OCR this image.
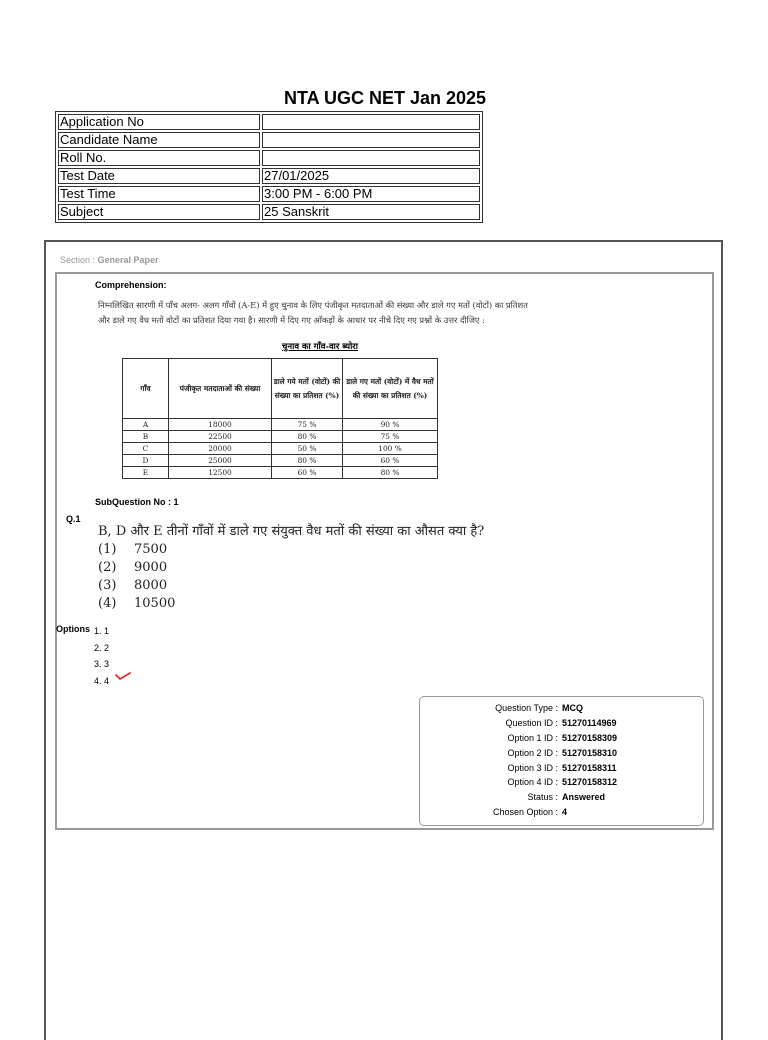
NTA UGC NET Jan 2025
Application No	
Candidate Name	
Roll No.	
Test Date	27/01/2025
Test Time	3:00 PM - 6:00 PM
Subject	25 Sanskrit
Section : General Paper
Comprehension:
निम्नलिखित सारणी में पाँच अलग- अलग गाँवों (A-E) में हुए चुनाव के लिए पंजीकृत मतदाताओं की संख्या और डाले गए मतों (वोटों) का प्रतिशत और डाले गए वैध मतों वोटों का प्रतिशत दिया गया है। सारणी में दिए गए आँकड़ों के आधार पर नीचे दिए गए प्रश्नों के उत्तर दीजिए :
चुनाव का गाँव-वार ब्योरा
गाँव	पंजीकृत मतदाताओं की संख्या	डाले गये मतों (वोटों) की संख्या का प्रतिशत (%)	डाले गए मतों (वोटों) में वैध मतों की संख्या का प्रतिशत (%)
A	18000	75 %	90 %
B	22500	80 %	75 %
C	20000	50 %	100 %
D	25000	80 %	60 %
E	12500	60 %	80 %
SubQuestion No : 1
Q.1
B, D और E तीनों गाँवों में डाले गए संयुक्त वैध मतों की संख्या का औसत क्या है?
(1) 7500
(2) 9000
(3) 8000
(4) 10500
Options 1. 1
2. 2
3. 3
4. 4
Question Type : MCQ
Question ID : 51270114969
Option 1 ID : 51270158309
Option 2 ID : 51270158310
Option 3 ID : 51270158311
Option 4 ID : 51270158312
Status : Answered
Chosen Option : 4
